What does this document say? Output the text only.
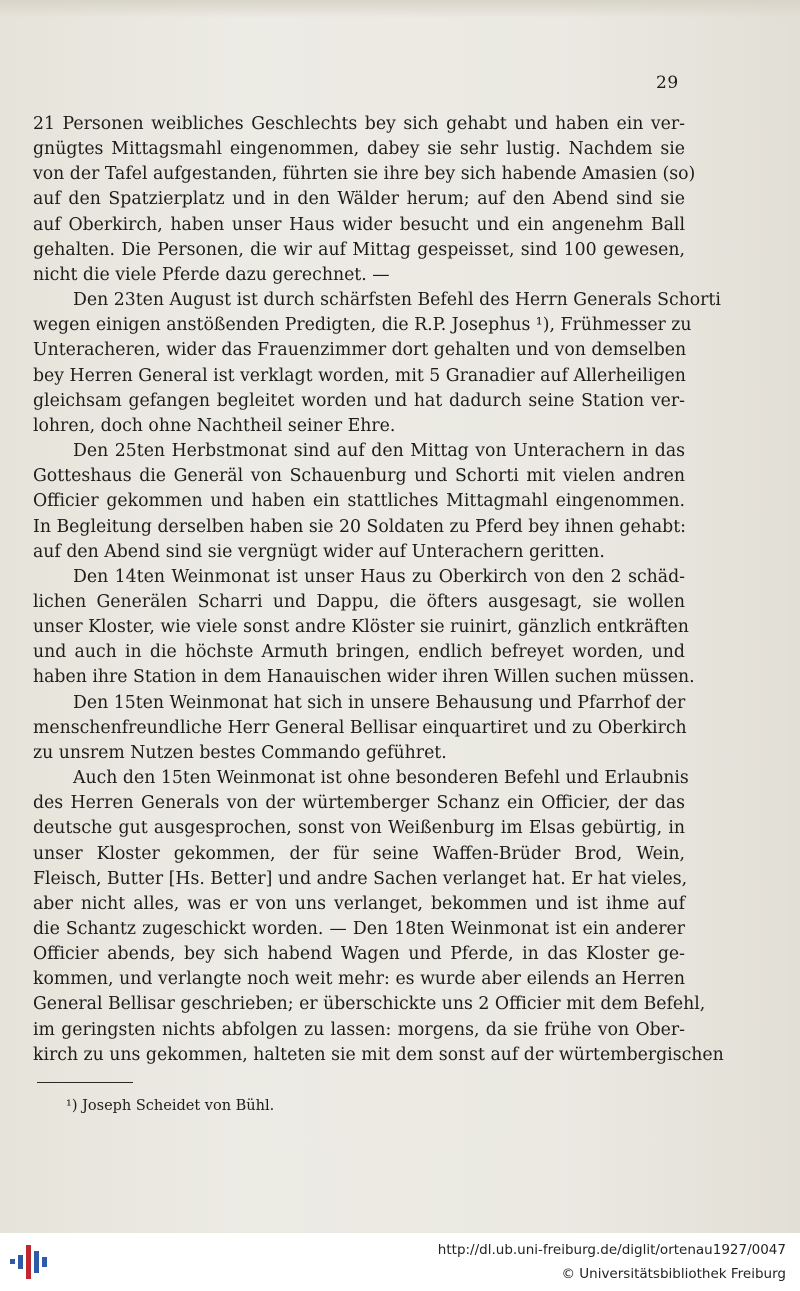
29

21 Personen weibliches Geschlechts bey sich gehabt und haben ein ver-
gnügtes Mittagsmahl eingenommen, dabey sie sehr lustig. Nachdem sie
von der Tafel aufgestanden, führten sie ihre bey sich habende Amasien (so)
auf den Spatzierplatz und in den Wälder herum; auf den Abend sind sie
auf Oberkirch, haben unser Haus wider besucht und ein angenehm Ball
gehalten. Die Personen, die wir auf Mittag gespeisset, sind 100 gewesen,
nicht die viele Pferde dazu gerechnet. —

Den 23ten August ist durch schärfsten Befehl des Herrn Generals Schorti
wegen einigen anstößenden Predigten, die R.P. Josephus ¹), Frühmesser zu
Unteracheren, wider das Frauenzimmer dort gehalten und von demselben
bey Herren General ist verklagt worden, mit 5 Granadier auf Allerheiligen
gleichsam gefangen begleitet worden und hat dadurch seine Station ver-
lohren, doch ohne Nachtheil seiner Ehre.

Den 25ten Herbstmonat sind auf den Mittag von Unterachern in das
Gotteshaus die Generäl von Schauenburg und Schorti mit vielen andren
Officier gekommen und haben ein stattliches Mittagmahl eingenommen.
In Begleitung derselben haben sie 20 Soldaten zu Pferd bey ihnen gehabt:
auf den Abend sind sie vergnügt wider auf Unterachern geritten.

Den 14ten Weinmonat ist unser Haus zu Oberkirch von den 2 schäd-
lichen Generälen Scharri und Dappu, die öfters ausgesagt, sie wollen
unser Kloster, wie viele sonst andre Klöster sie ruinirt, gänzlich entkräften
und auch in die höchste Armuth bringen, endlich befreyet worden, und
haben ihre Station in dem Hanauischen wider ihren Willen suchen müssen.

Den 15ten Weinmonat hat sich in unsere Behausung und Pfarrhof der
menschenfreundliche Herr General Bellisar einquartiret und zu Oberkirch
zu unsrem Nutzen bestes Commando geführet.

Auch den 15ten Weinmonat ist ohne besonderen Befehl und Erlaubnis
des Herren Generals von der würtemberger Schanz ein Officier, der das
deutsche gut ausgesprochen, sonst von Weißenburg im Elsas gebürtig, in
unser Kloster gekommen, der für seine Waffen-Brüder Brod, Wein,
Fleisch, Butter [Hs. Better] und andre Sachen verlanget hat. Er hat vieles,
aber nicht alles, was er von uns verlanget, bekommen und ist ihme auf
die Schantz zugeschickt worden. — Den 18ten Weinmonat ist ein anderer
Officier abends, bey sich habend Wagen und Pferde, in das Kloster ge-
kommen, und verlangte noch weit mehr: es wurde aber eilends an Herren
General Bellisar geschrieben; er überschickte uns 2 Officier mit dem Befehl,
im geringsten nichts abfolgen zu lassen: morgens, da sie frühe von Ober-
kirch zu uns gekommen, halteten sie mit dem sonst auf der würtembergischen

¹) Joseph Scheidet von Bühl.
http://dl.ub.uni-freiburg.de/diglit/ortenau1927/0047
© Universitätsbibliothek Freiburg
